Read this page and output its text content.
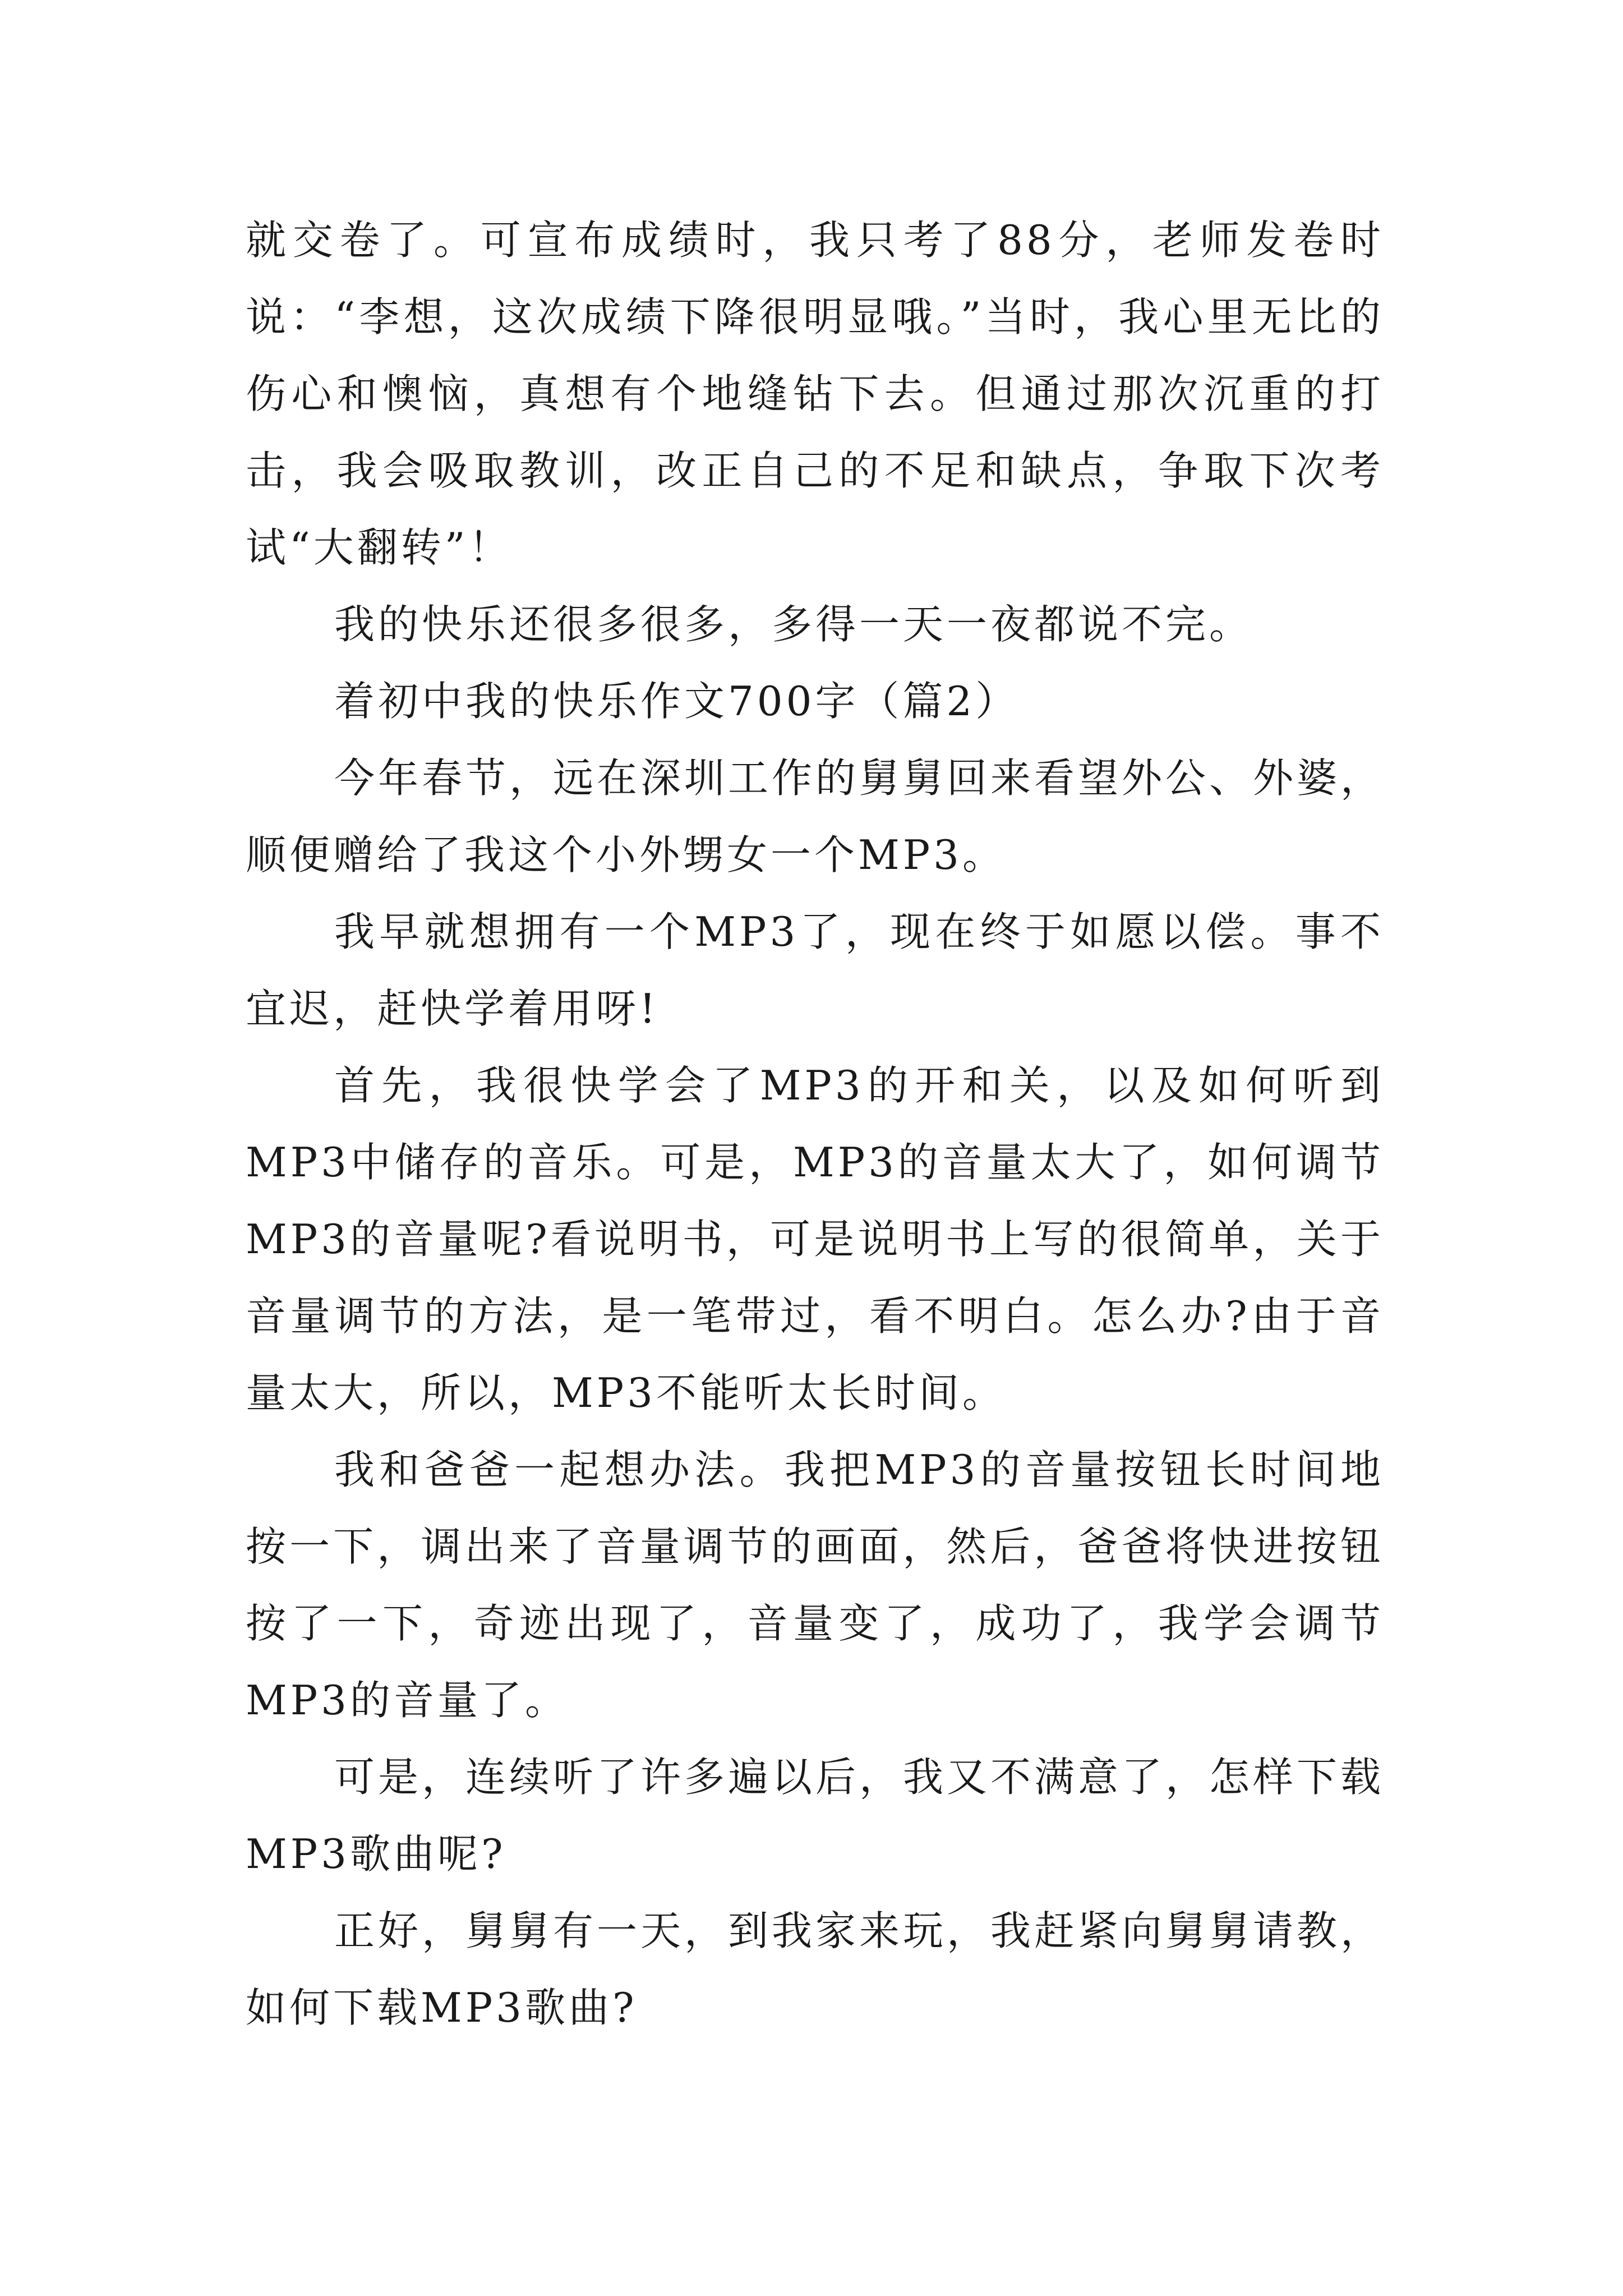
就交卷了。可宣布成绩时，我只考了88分，老师发卷时说：“李想，这次成绩下降很明显哦。”当时，我心里无比的伤心和懊恼，真想有个地缝钻下去。但通过那次沉重的打击，我会吸取教训，改正自己的不足和缺点，争取下次考试“大翻转”！

我的快乐还很多很多，多得一天一夜都说不完。

着初中我的快乐作文700字（篇2）

今年春节，远在深圳工作的舅舅回来看望外公、外婆，顺便赠给了我这个小外甥女一个MP3。

我早就想拥有一个MP3了，现在终于如愿以偿。事不宜迟，赶快学着用呀!

首先，我很快学会了MP3的开和关，以及如何听到MP3中储存的音乐。可是，MP3的音量太大了，如何调节MP3的音量呢?看说明书，可是说明书上写的很简单，关于音量调节的方法，是一笔带过，看不明白。怎么办?由于音量太大，所以，MP3不能听太长时间。

我和爸爸一起想办法。我把MP3的音量按钮长时间地按一下，调出来了音量调节的画面，然后，爸爸将快进按钮按了一下，奇迹出现了，音量变了，成功了，我学会调节MP3的音量了。

可是，连续听了许多遍以后，我又不满意了，怎样下载MP3歌曲呢?

正好，舅舅有一天，到我家来玩，我赶紧向舅舅请教，如何下载MP3歌曲?
